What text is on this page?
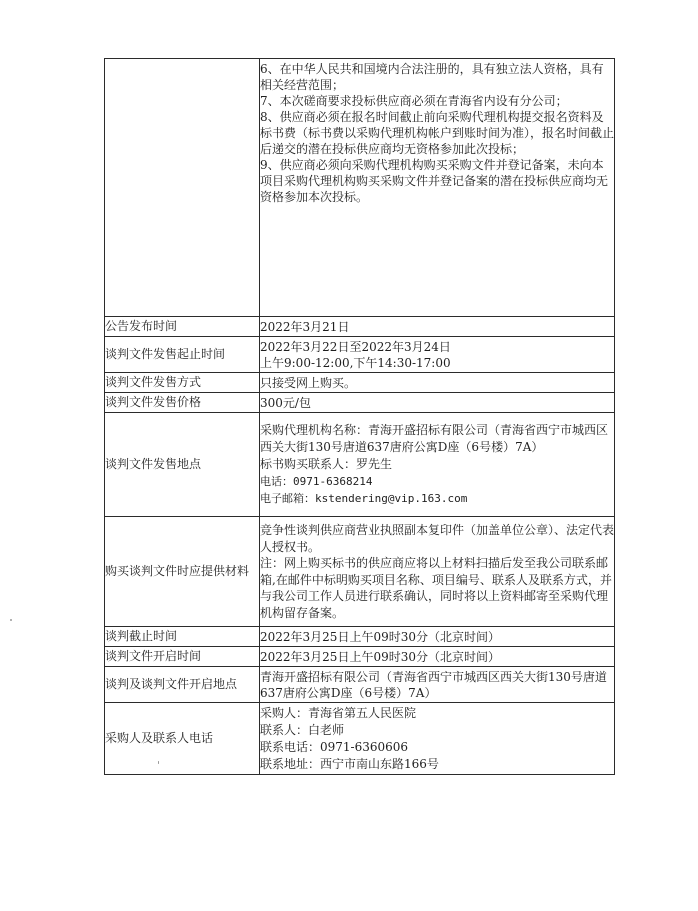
	6、在中华人民共和国境内合法注册的，具有独立法人资格，具有相关经营范围；
7、本次磋商要求投标供应商必须在青海省内设有分公司；
8、供应商必须在报名时间截止前向采购代理机构提交报名资料及标书费（标书费以采购代理机构帐户到账时间为准），报名时间截止后递交的潜在投标供应商均无资格参加此次投标；
9、供应商必须向采购代理机构购买采购文件并登记备案，未向本项目采购代理机构购买采购文件并登记备案的潜在投标供应商均无资格参加本次投标。

公告发布时间	2022年3月21日
谈判文件发售起止时间	2022年3月22日至2022年3月24日
上午9:00-12:00,下午14:30-17:00

谈判文件发售方式	只接受网上购买。
谈判文件发售价格	300元/包
谈判文件发售地点	采购代理机构名称：青海开盛招标有限公司（青海省西宁市城西区西关大街130号唐道637唐府公寓D座（6号楼）7A）
标书购买联系人：罗先生
电话：0971-6368214
电子邮箱：kstendering@vip.163.com

购买谈判文件时应提供材料	竞争性谈判供应商营业执照副本复印件（加盖单位公章）、法定代表人授权书。
注：网上购买标书的供应商应将以上材料扫描后发至我公司联系邮箱,在邮件中标明购买项目名称、项目编号、联系人及联系方式，并与我公司工作人员进行联系确认，同时将以上资料邮寄至采购代理机构留存备案。

谈判截止时间	2022年3月25日上午09时30分（北京时间）
谈判文件开启时间	2022年3月25日上午09时30分（北京时间）
谈判及谈判文件开启地点	青海开盛招标有限公司（青海省西宁市城西区西关大街130号唐道637唐府公寓D座（6号楼）7A）
采购人及联系人电话	采购人：青海省第五人民医院
联系人：白老师
联系电话：0971-6360606
联系地址：西宁市南山东路166号
